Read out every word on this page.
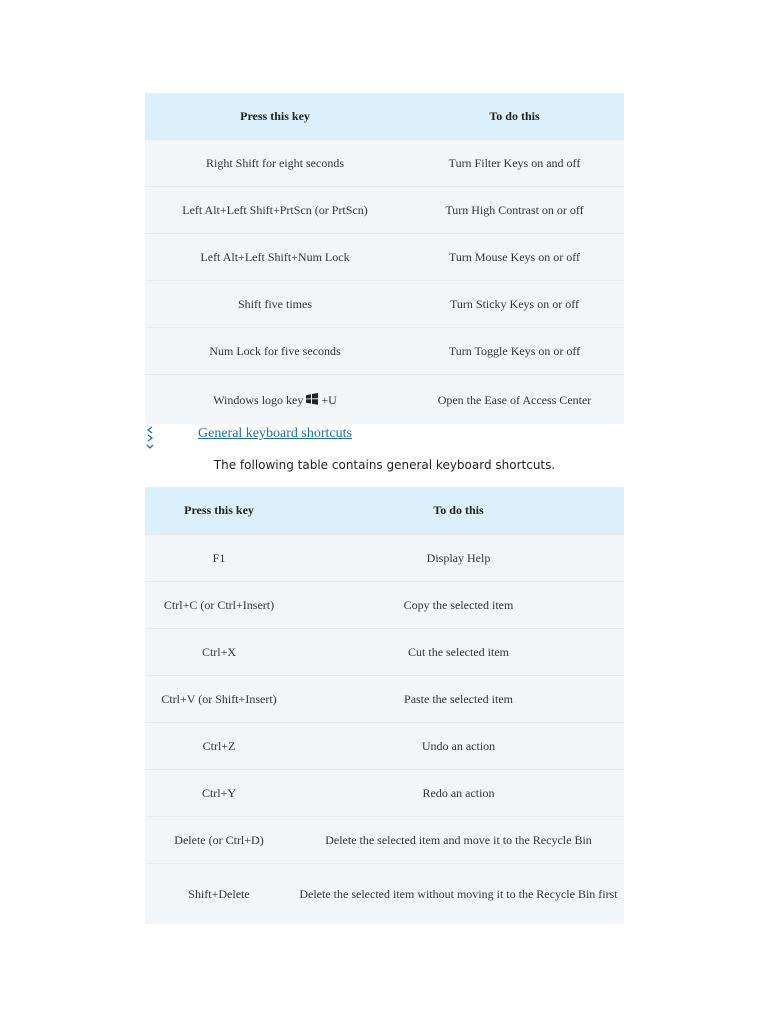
Press this key	To do this
Right Shift for eight seconds	Turn Filter Keys on and off
Left Alt+Left Shift+PrtScn (or PrtScn)	Turn High Contrast on or off
Left Alt+Left Shift+Num Lock	Turn Mouse Keys on or off
Shift five times	Turn Sticky Keys on or off
Num Lock for five seconds	Turn Toggle Keys on or off
Windows logo key +U	Open the Ease of Access Center
General keyboard shortcuts
The following table contains general keyboard shortcuts.
Press this key	To do this
F1	Display Help
Ctrl+C (or Ctrl+Insert)	Copy the selected item
Ctrl+X	Cut the selected item
Ctrl+V (or Shift+Insert)	Paste the selected item
Ctrl+Z	Undo an action
Ctrl+Y	Redo an action
Delete (or Ctrl+D)	Delete the selected item and move it to the Recycle Bin
Shift+Delete	Delete the selected item without moving it to the Recycle Bin first
